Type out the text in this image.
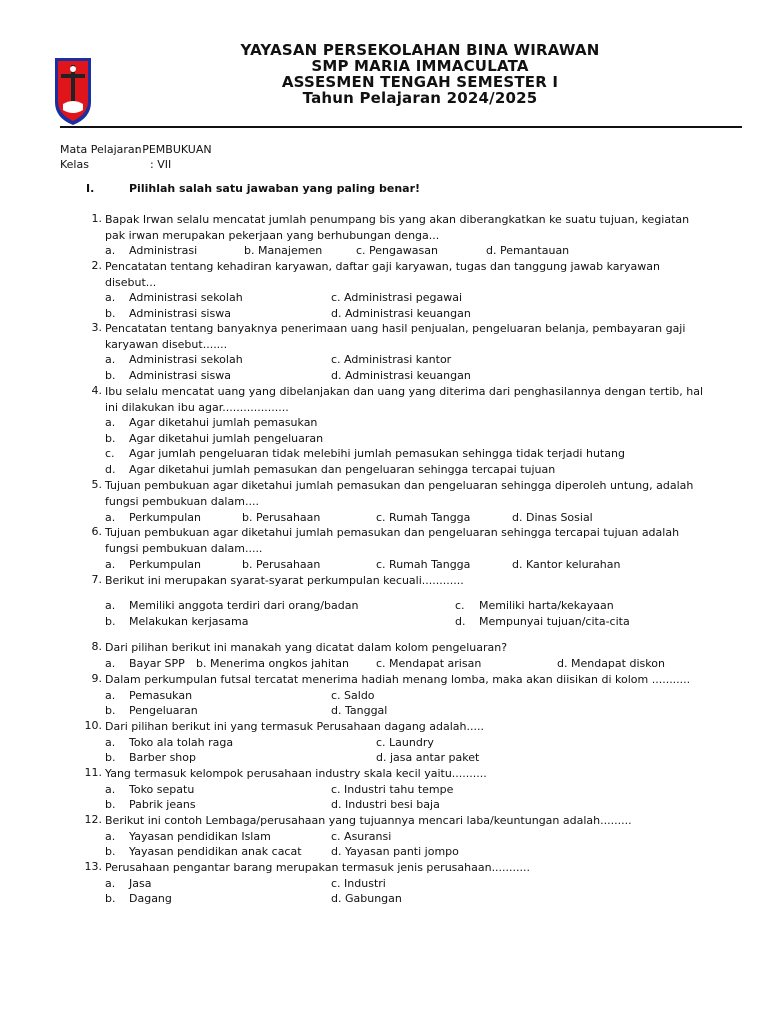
YAYASAN PERSEKOLAHAN BINA WIRAWAN
SMP MARIA IMMACULATA
ASSESMEN TENGAH SEMESTER I
Tahun Pelajaran 2024/2025
Mata Pelajaran
: PEMBUKUAN
Kelas	: VII
I.	Pilihlah salah satu jawaban yang paling benar!
1. Bapak Irwan selalu mencatat jumlah penumpang bis yang akan diberangkatkan ke suatu tujuan, kegiatan pak irwan merupakan pekerjaan yang berhubungan denga...
a. Administrasi	b. Manajemen	c. Pengawasan	d. Pemantauan
2. Pencatatan tentang kehadiran karyawan, daftar gaji karyawan, tugas dan tanggung jawab karyawan disebut...
a. Administrasi sekolah	c. Administrasi pegawai
b. Administrasi siswa	d. Administrasi keuangan
3. Pencatatan tentang banyaknya penerimaan uang hasil penjualan, pengeluaran belanja, pembayaran gaji karyawan disebut.......
a. Administrasi sekolah	c. Administrasi kantor
b. Administrasi siswa	d. Administrasi keuangan
4. Ibu selalu mencatat uang yang dibelanjakan dan uang yang diterima dari penghasilannya dengan tertib, hal ini dilakukan ibu agar...................
a. Agar diketahui jumlah pemasukan
b. Agar diketahui jumlah pengeluaran
c. Agar jumlah pengeluaran tidak melebihi jumlah pemasukan sehingga tidak terjadi hutang
d. Agar diketahui jumlah pemasukan dan pengeluaran sehingga tercapai tujuan
5. Tujuan pembukuan agar diketahui jumlah pemasukan dan pengeluaran sehingga diperoleh untung, adalah fungsi pembukuan dalam....
a. Perkumpulan	b. Perusahaan	c. Rumah Tangga	d. Dinas Sosial
6. Tujuan pembukuan agar diketahui jumlah pemasukan dan pengeluaran sehingga tercapai tujuan adalah fungsi pembukuan dalam.....
a. Perkumpulan	b. Perusahaan	c. Rumah Tangga	d. Kantor kelurahan
7. Berikut ini merupakan syarat-syarat perkumpulan kecuali............
a. Memiliki anggota terdiri dari orang/badan	c. Memiliki harta/kekayaan
b. Melakukan kerjasama	d. Mempunyai tujuan/cita-cita
8. Dari pilihan berikut ini manakah yang dicatat dalam kolom pengeluaran?
a. Bayar SPP b. Menerima ongkos jahitan c. Mendapat arisan	d. Mendapat diskon
9. Dalam perkumpulan futsal tercatat menerima hadiah menang lomba, maka akan diisikan di kolom ...........
a. Pemasukan	c. Saldo
b. Pengeluaran	d. Tanggal
10. Dari pilihan berikut ini yang termasuk Perusahaan dagang adalah.....
a. Toko ala tolah raga	c. Laundry
b. Barber shop	d. jasa antar paket
11. Yang termasuk kelompok perusahaan industry skala kecil yaitu..........
a. Toko sepatu	c. Industri tahu tempe
b. Pabrik jeans	d. Industri besi baja
12. Berikut ini contoh Lembaga/perusahaan yang tujuannya mencari laba/keuntungan adalah.........
a. Yayasan pendidikan Islam	c. Asuransi
b. Yayasan pendidikan anak cacat	d. Yayasan panti jompo
13. Perusahaan pengantar barang merupakan termasuk jenis perusahaan...........
a. Jasa	c. Industri
b. Dagang	d. Gabungan
